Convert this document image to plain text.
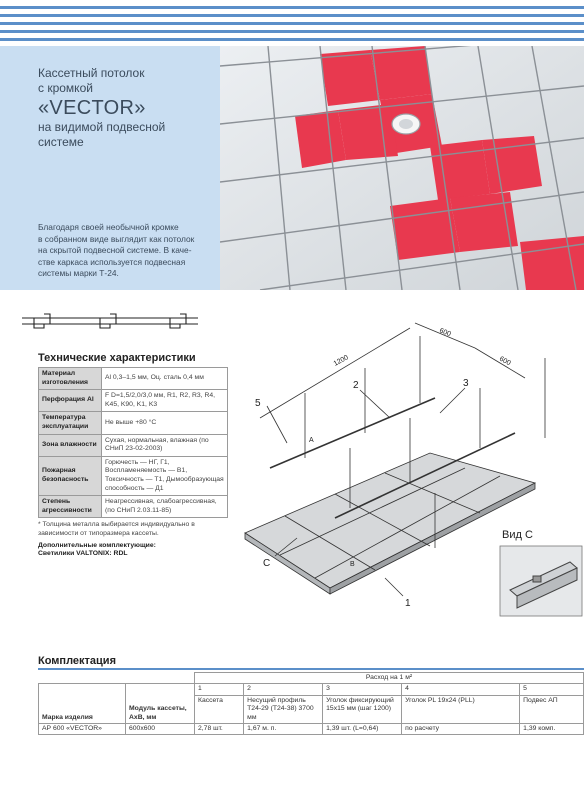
Кассетный потолок
с кромкой
«VECTOR»
на видимой подвесной
системе
Благодаря своей необычной кромке
в собранном виде выглядит как потолок
на скрытой подвесной системе. В каче-
стве каркаса используется подвесная
системы марки Т-24.
Технические характеристики
Материал изготовления	Al 0,3–1,5 мм, Оц. сталь 0,4 мм
Перфорация Al	F D=1,5/2,0/3,0 мм, R1, R2, R3, R4, K45, K90, K1, K3
Температура эксплуатации	Не выше +80 °С
Зона влажности	Сухая, нормальная, влажная (по СНиП 23-02-2003)
Пожарная безопасность	Горючесть — НГ, Г1, Воспламеняемость — В1, Токсичность — Т1, Дымообразующая способность — Д1
Степень агрессивности	Неагрессивная, слабоагрессивная, (по СНиП 2.03.11-85)
* Толщина металла выбирается индивидуально в зависимости от типоразмера кассеты.
Дополнительные комплектующие:
Светилики VALTONIX: RDL
1200
600
600
A
B
2	3
5
C
1
Вид С
Комплектация
		Расход на 1 м²				
Марка изделия	Модуль кассеты, AxB, мм	1	2	3	4	5
		Кассета	Несущий профиль Т24-29 (Т24-38) 3700 мм	Уголок фиксирующий 15х15 мм (шаг 1200)	Уголок PL 19х24 (PLL)	Подвес АП
АР 600 «VECTOR»	600х600	2,78 шт.	1,67 м. п.	1,39 шт. (L=0,64)	по расчету	1,39 комп.
